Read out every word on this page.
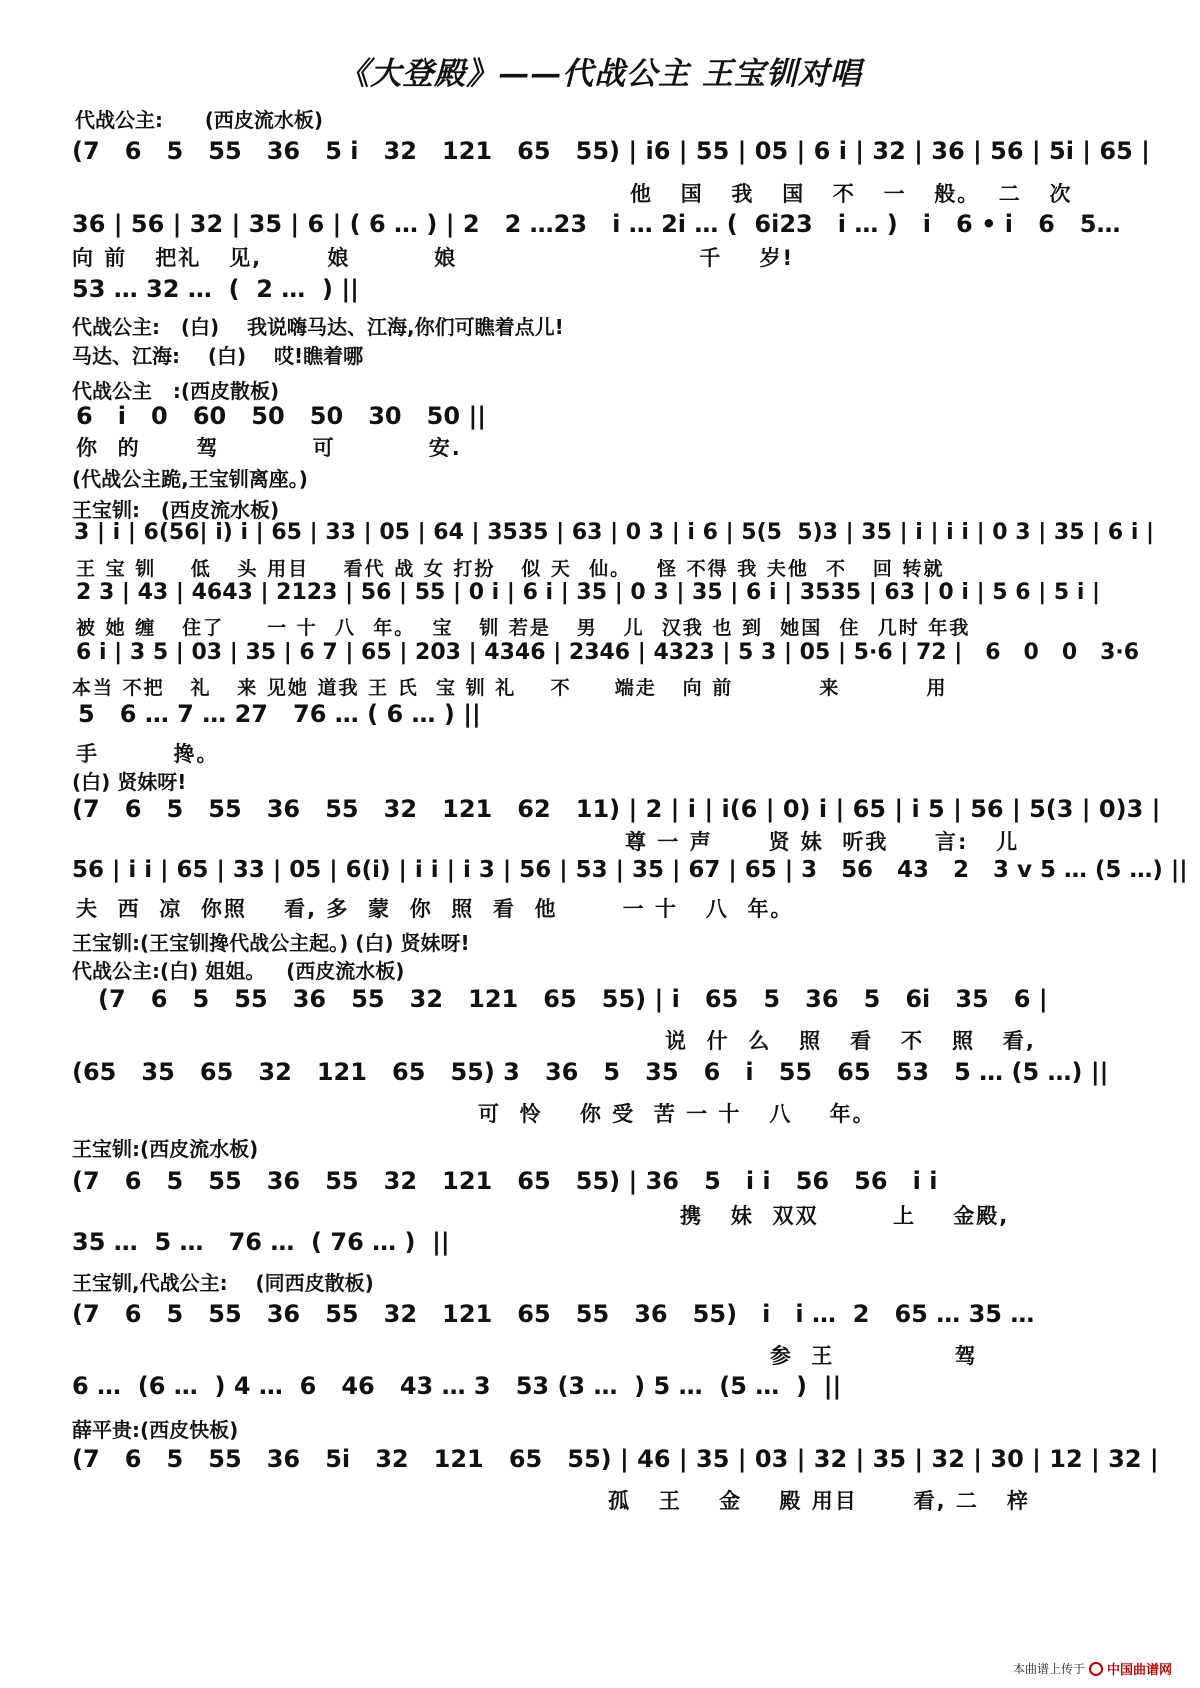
《大登殿》——代战公主 王宝钏对唱
代战公主:      (西皮流水板)
(7   6   5   55   36   5 i   32   121   65   55) | i6 | 55 | 05 | 6 i | 32 | 36 | 56 | 5i | 65 |
他   国   我   国   不   一   般。  二   次
36 | 56 | 32 | 35 | 6 | ( 6 … ) | 2   2 …23   i … 2i … (  6i23   i … )   i   6 • i   6   5…
向 前   把礼   见,       娘         娘                          千    岁!
53 … 32 …  (  2 …  ) ||
代战公主:   (白)    我说嗨马达、江海,你们可瞧着点儿!
马达、江海:    (白)    哎!瞧着哪
代战公主   :(西皮散板)
6   i   0   60   50   50   30   50 ||
你  的      驾          可          安.
(代战公主跪,王宝钏离座。)
王宝钏:   (西皮流水板)
3 | i | 6(56| i) i | 65 | 33 | 05 | 64 | 3535 | 63 | 0 3 | i 6 | 5(5  5)3 | 35 | i | i i | 0 3 | 35 | 6 i |
王 宝 钏    低   头 用目    看代 战 女 打扮   似 天  仙。   怪 不得 我 夫他  不   回 转就
2 3 | 43 | 4643 | 2123 | 56 | 55 | 0 i | 6 i | 35 | 0 3 | 35 | 6 i | 3535 | 63 | 0 i | 5 6 | 5 i |
被 她 缠   住了     一 十  八  年。  宝   钏 若是   男   儿  汉我 也 到  她国  住  几时 年我
6 i | 3 5 | 03 | 35 | 6 7 | 65 | 203 | 4346 | 2346 | 4323 | 5 3 | 05 | 5·6 | 72 |   6   0   0   3·6
本当 不把   礼   来 见她 道我 王 氏  宝 钏 礼    不     端走   向 前          来          用
5   6 … 7 … 27   76 … ( 6 … ) ||
手        搀。
(白) 贤妹呀!
(7   6   5   55   36   55   32   121   62   11) | 2 | i | i(6 | 0) i | 65 | i 5 | 56 | 5(3 | 0)3 |
尊 一 声      贤 妹  听我     言:   儿
56 | i i | 65 | 33 | 05 | 6(i) | i i | i 3 | 56 | 53 | 35 | 67 | 65 | 3   56   43   2   3 v 5 … (5 …) ||
夫  西  凉  你照    看, 多  蒙  你  照  看  他       一 十   八  年。
王宝钏:(王宝钏搀代战公主起。) (白) 贤妹呀!
代战公主:(白) 姐姐。   (西皮流水板)
(7   6   5   55   36   55   32   121   65   55) | i   65   5   36   5   6i   35   6 |
说  什  么   照   看   不   照   看,
(65   35   65   32   121   65   55) 3   36   5   35   6   i   55   65   53   5 … (5 …) ||
可  怜    你 受  苦 一 十   八    年。
王宝钏:(西皮流水板)
(7   6   5   55   36   55   32   121   65   55) | 36   5   i i   56   56   i i
携   妹  双双        上    金殿,
35 …  5 …   76 …  ( 76 … )  ||
王宝钏,代战公主:    (同西皮散板)
(7   6   5   55   36   55   32   121   65   55   36   55)   i   i …  2   65 … 35 …
参  王             驾
6 …  (6 …  ) 4 …  6   46   43 … 3   53 (3 …  ) 5 …  (5 …  )  ||
薛平贵:(西皮快板)
(7   6   5   55   36   5i   32   121   65   55) | 46 | 35 | 03 | 32 | 35 | 32 | 30 | 12 | 32 |
孤   王    金    殿 用目      看, 二   梓
本曲谱上传于 中国曲谱网
